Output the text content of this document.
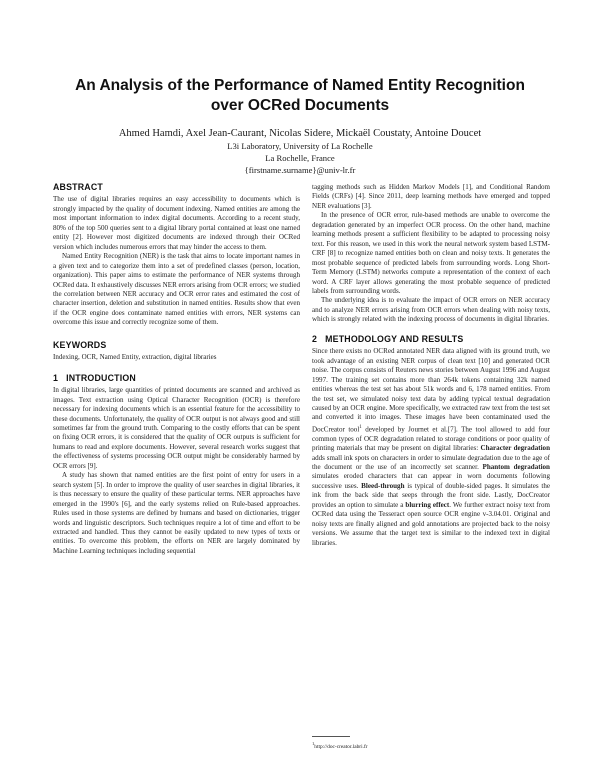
An Analysis of the Performance of Named Entity Recognition over OCRed Documents
Ahmed Hamdi, Axel Jean-Caurant, Nicolas Sidere, Mickaël Coustaty, Antoine Doucet
L3i Laboratory, University of La Rochelle
La Rochelle, France
{firstname.surname}@univ-lr.fr
ABSTRACT

The use of digital libraries requires an easy accessibility to documents which is strongly impacted by the quality of document indexing. Named entities are among the most important information to index digital documents. According to a recent study, 80% of the top 500 queries sent to a digital library portal contained at least one named entity [2]. However most digitized documents are indexed through their OCRed version which includes numerous errors that may hinder the access to them.

Named Entity Recognition (NER) is the task that aims to locate important names in a given text and to categorize them into a set of predefined classes (person, location, organization). This paper aims to estimate the performance of NER systems through OCRed data. It exhaustively discusses NER errors arising from OCR errors; we studied the correlation between NER accuracy and OCR error rates and estimated the cost of character insertion, deletion and substitution in named entities. Results show that even if the OCR engine does contaminate named entities with errors, NER systems can overcome this issue and correctly recognize some of them.

KEYWORDS

Indexing, OCR, Named Entity, extraction, digital libraries

1 INTRODUCTION

In digital libraries, large quantities of printed documents are scanned and archived as images. Text extraction using Optical Character Recognition (OCR) is therefore necessary for indexing documents which is an essential feature for the accessibility to these documents. Unfortunately, the quality of OCR output is not always good and still sometimes far from the ground truth. Comparing to the costly efforts that can be spent on fixing OCR errors, it is considered that the quality of OCR outputs is sufficient for humans to read and explore documents. However, several research works suggest that the effectiveness of systems processing OCR output might be considerably harmed by OCR errors [9].

A study has shown that named entities are the first point of entry for users in a search system [5]. In order to improve the quality of user searches in digital libraries, it is thus necessary to ensure the quality of these particular terms. NER approaches have emerged in the 1990's [6], and the early systems relied on Rule-based approaches. Rules used in those systems are defined by humans and based on dictionaries, trigger words and linguistic descriptors. Such techniques require a lot of time and effort to be extracted and handled. Thus they cannot be easily updated to new types of texts or entities. To overcome this problem, the efforts on NER are largely dominated by Machine Learning techniques including sequential

tagging methods such as Hidden Markov Models [1], and Conditional Random Fields (CRFs) [4]. Since 2011, deep learning methods have emerged and topped NER evaluations [3].

In the presence of OCR error, rule-based methods are unable to overcome the degradation generated by an imperfect OCR process. On the other hand, machine learning methods present a sufficient flexibility to be adapted to processing noisy text. For this reason, we used in this work the neural network system based LSTM-CRF [8] to recognize named entities both on clean and noisy texts. It generates the most probable sequence of predicted labels from surrounding words. Long Short-Term Memory (LSTM) networks compute a representation of the context of each word. A CRF layer allows generating the most probable sequence of predicted labels from surrounding words.

The underlying idea is to evaluate the impact of OCR errors on NER accuracy and to analyze NER errors arising from OCR errors when dealing with noisy texts, which is strongly related with the indexing process of documents in digital libraries.

2 METHODOLOGY AND RESULTS

Since there exists no OCRed annotated NER data aligned with its ground truth, we took advantage of an existing NER corpus of clean text [10] and generated OCR noise. The corpus consists of Reuters news stories between August 1996 and August 1997. The training set contains more than 264k tokens containing 32k named entities whereas the test set has about 51k words and 6, 178 named entities. From the test set, we simulated noisy text data by adding typical textual degradation caused by an OCR engine. More specifically, we extracted raw text from the test set and converted it into images. These images have been contaminated used the DocCreator tool$^1$ developed by Journet et al.[7]. The tool allowed to add four common types of OCR degradation related to storage conditions or poor quality of printing materials that may be present on digital libraries: Character degradation adds small ink spots on characters in order to simulate degradation due to the age of the document or the use of an incorrectly set scanner. Phantom degradation simulates eroded characters that can appear in worn documents following successive uses. Bleed-through is typical of double-sided pages. It simulates the ink from the back side that seeps through the front side. Lastly, DocCreator provides an option to simulate a blurring effect. We further extract noisy text from OCRed data using the Tesseract open source OCR engine v-3.04.01. Original and noisy texts are finally aligned and gold annotations are projected back to the noisy versions. We assume that the target text is similar to the indexed text in digital libraries.

$^1$http://doc-creator.labri.fr
